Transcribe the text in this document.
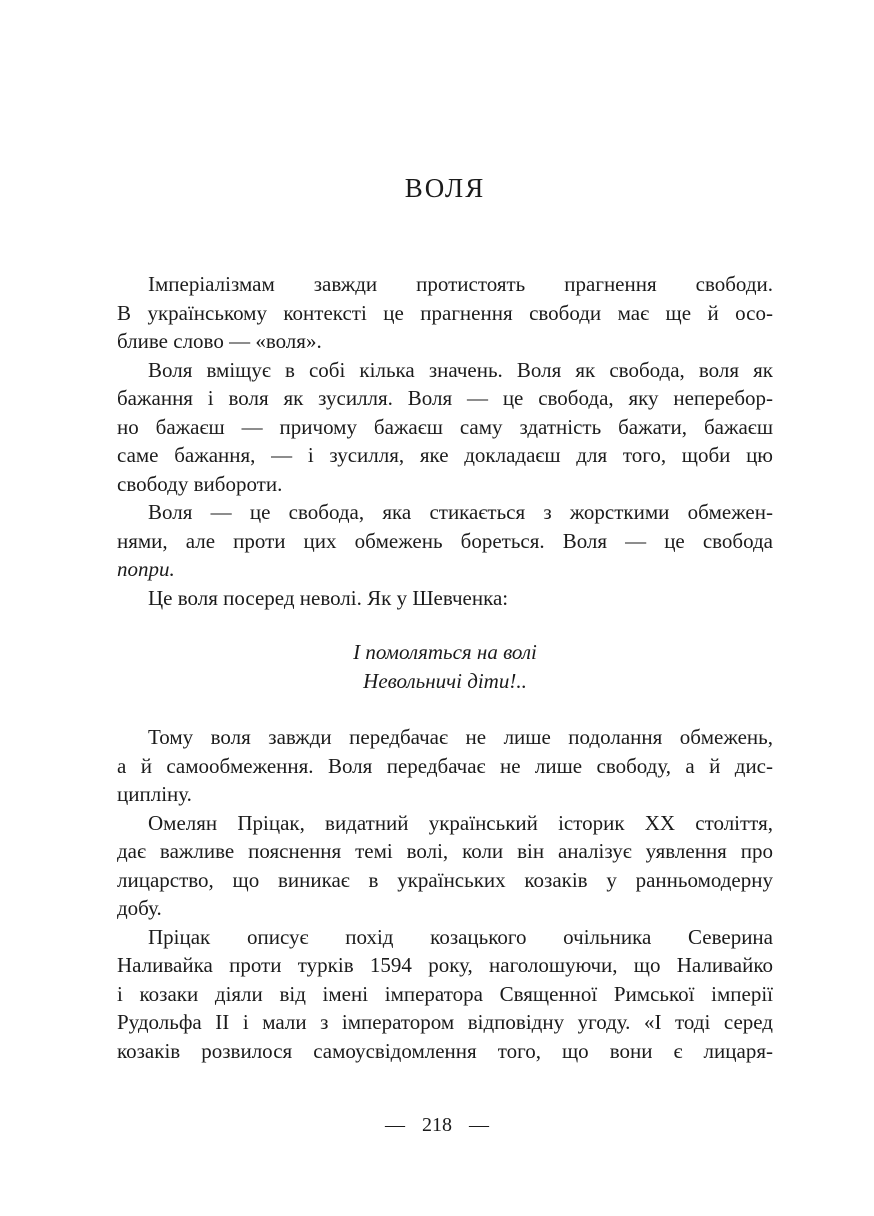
ВОЛЯ
Імперіалізмам завжди протистоять прагнення свободи.
В українському контексті це прагнення свободи має ще й осо-
бливе слово — «воля».
Воля вміщує в собі кілька значень. Воля як свобода, воля як
бажання і воля як зусилля. Воля — це свобода, яку неперебор-
но бажаєш — причому бажаєш саму здатність бажати, бажаєш
саме бажання, — і зусилля, яке докладаєш для того, щоби цю
свободу вибороти.
Воля — це свобода, яка стикається з жорсткими обмежен-
нями, але проти цих обмежень бореться. Воля — це свобода
попри.
Це воля посеред неволі. Як у Шевченка:
І помоляться на волі
Невольничі діти!..
Тому воля завжди передбачає не лише подолання обмежень,
а й самообмеження. Воля передбачає не лише свободу, а й дис-
ципліну.
Омелян Пріцак, видатний український історик XX століття,
дає важливе пояснення темі волі, коли він аналізує уявлення про
лицарство, що виникає в українських козаків у ранньомодерну
добу.
Пріцак описує похід козацького очільника Северина
Наливайка проти турків 1594 року, наголошуючи, що Наливайко
і козаки діяли від імені імператора Священної Римської імперії
Рудольфа II і мали з імператором відповідну угоду. «І тоді серед
козаків розвилося самоусвідомлення того, що вони є лицаря-
— 218 —
